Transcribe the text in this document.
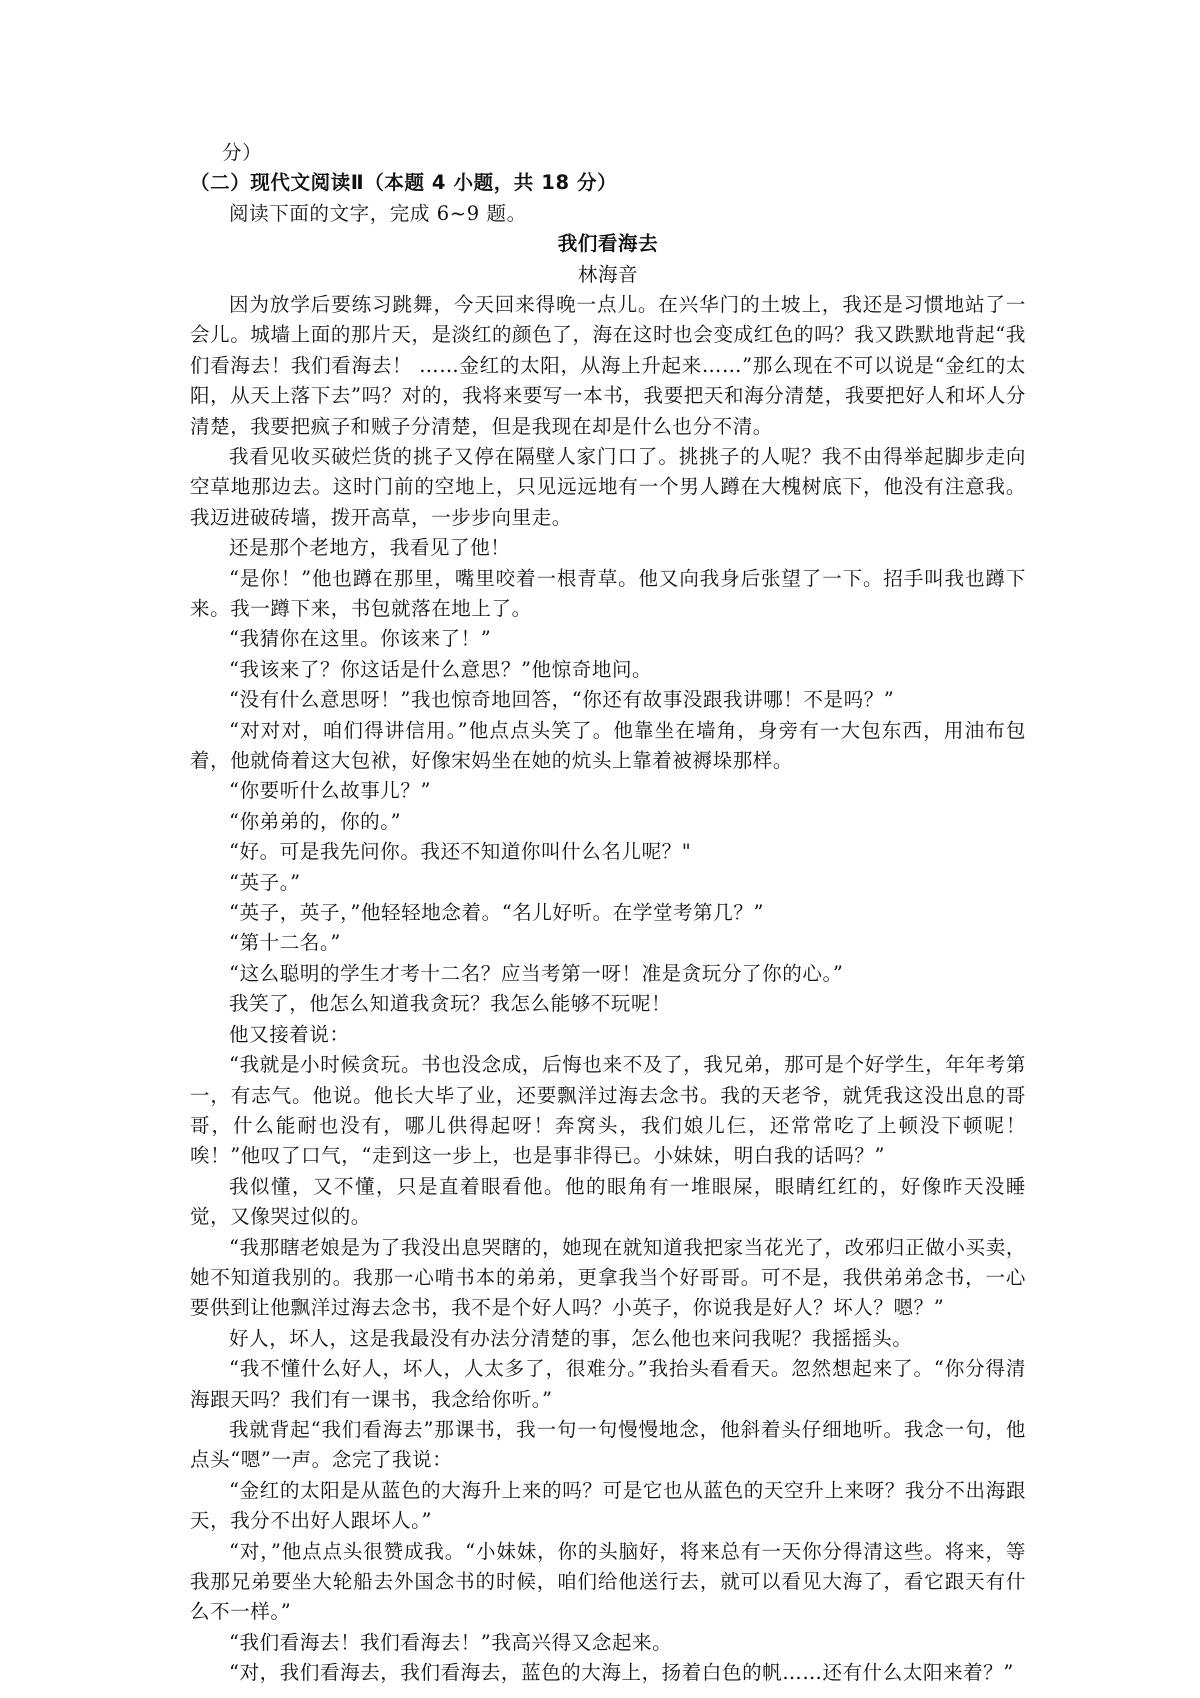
分）
（二）现代文阅读Ⅱ（本题 4 小题，共 18 分）
阅读下面的文字，完成 6~9 题。
我们看海去
林海音

因为放学后要练习跳舞，今天回来得晚一点儿。在兴华门的土坡上，我还是习惯地站了一会儿。城墙上面的那片天，是淡红的颜色了，海在这时也会变成红色的吗？我又跌默地背起“我们看海去！我们看海去！ ……金红的太阳，从海上升起来……”那么现在不可以说是“金红的太阳，从天上落下去”吗？对的，我将来要写一本书，我要把天和海分清楚，我要把好人和坏人分清楚，我要把疯子和贼子分清楚，但是我现在却是什么也分不清。

我看见收买破烂货的挑子又停在隔壁人家门口了。挑挑子的人呢？我不由得举起脚步走向空草地那边去。这时门前的空地上，只见远远地有一个男人蹲在大槐树底下，他没有注意我。我迈进破砖墙，拨开高草，一步步向里走。

还是那个老地方，我看见了他！

“是你！”他也蹲在那里，嘴里咬着一根青草。他又向我身后张望了一下。招手叫我也蹲下来。我一蹲下来，书包就落在地上了。

“我猜你在这里。你该来了！”

“我该来了？你这话是什么意思？”他惊奇地问。

“没有什么意思呀！”我也惊奇地回答，“你还有故事没跟我讲哪！不是吗？”

“对对对，咱们得讲信用。”他点点头笑了。他靠坐在墙角，身旁有一大包东西，用油布包着，他就倚着这大包袱，好像宋妈坐在她的炕头上靠着被褥垛那样。

“你要听什么故事儿？”

“你弟弟的，你的。”

“好。可是我先问你。我还不知道你叫什么名儿呢？"

“英子。”

“英子，英子，”他轻轻地念着。“名儿好听。在学堂考第几？”

“第十二名。”

“这么聪明的学生才考十二名？应当考第一呀！准是贪玩分了你的心。”

我笑了，他怎么知道我贪玩？我怎么能够不玩呢！

他又接着说：

“我就是小时候贪玩。书也没念成，后悔也来不及了，我兄弟，那可是个好学生，年年考第一，有志气。他说。他长大毕了业，还要飘洋过海去念书。我的天老爷，就凭我这没出息的哥哥，什么能耐也没有，哪儿供得起呀！奔窝头，我们娘儿仨，还常常吃了上顿没下顿呢！唉！”他叹了口气，“走到这一步上，也是事非得已。小妹妹，明白我的话吗？”

我似懂，又不懂，只是直着眼看他。他的眼角有一堆眼屎，眼睛红红的，好像昨天没睡觉，又像哭过似的。

“我那瞎老娘是为了我没出息哭瞎的，她现在就知道我把家当花光了，改邪归正做小买卖，她不知道我别的。我那一心啃书本的弟弟，更拿我当个好哥哥。可不是，我供弟弟念书，一心要供到让他飘洋过海去念书，我不是个好人吗？小英子，你说我是好人？坏人？嗯？”

好人，坏人，这是我最没有办法分清楚的事，怎么他也来问我呢？我摇摇头。

“我不懂什么好人，坏人，人太多了，很难分。”我抬头看看天。忽然想起来了。“你分得清海跟天吗？我们有一课书，我念给你听。”

我就背起“我们看海去”那课书，我一句一句慢慢地念，他斜着头仔细地听。我念一句，他点头“嗯”一声。念完了我说：

“金红的太阳是从蓝色的大海升上来的吗？可是它也从蓝色的天空升上来呀？我分不出海跟天，我分不出好人跟坏人。”

“对，”他点点头很赞成我。“小妹妹，你的头脑好，将来总有一天你分得清这些。将来，等我那兄弟要坐大轮船去外国念书的时候，咱们给他送行去，就可以看见大海了，看它跟天有什么不一样。”

“我们看海去！我们看海去！”我高兴得又念起来。

“对，我们看海去，我们看海去，蓝色的大海上，扬着白色的帆……还有什么太阳来着？”
